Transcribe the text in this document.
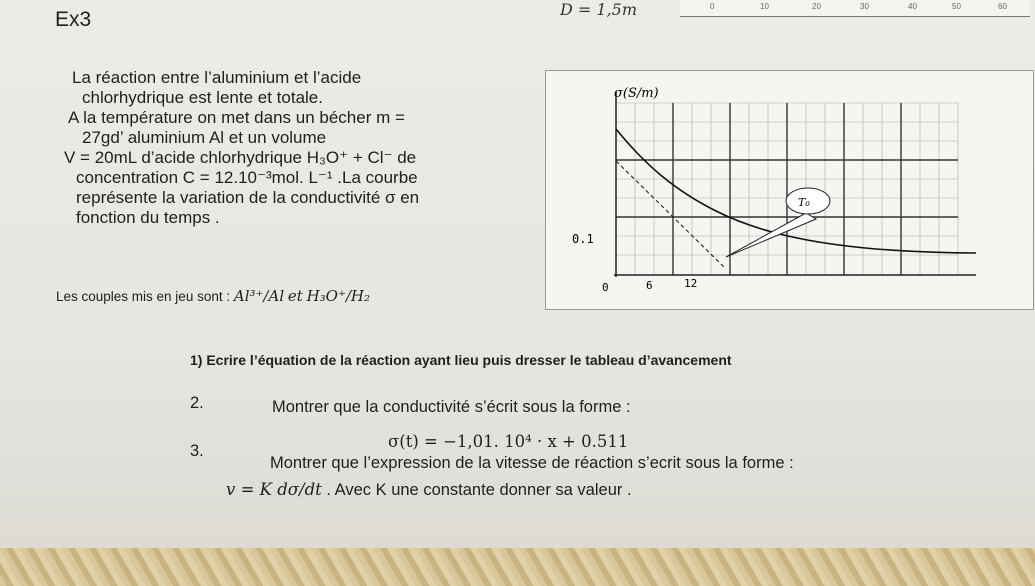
D = 1,5m	0	10	20	30	40	50	60
Ex3
La réaction entre l’aluminium et l’acide
chlorhydrique est lente et totale.
A la température on met dans un bécher m =
27gd’ aluminium Al et un volume
V = 20mL d’acide chlorhydrique H₃O⁺ + Cl⁻ de
concentration C = 12.10⁻³mol. L⁻¹ .La courbe
représente la variation de la conductivité σ en
fonction du temps .
Les couples mis en jeu sont : Al³⁺/Al et H₃O⁺/H₂
T₀
σ(S/m)
0.1
0	6	12
1) Ecrire l’équation de la réaction ayant lieu puis dresser le tableau d’avancement
2.	Montrer que la conductivité s’écrit sous la forme :
σ(t) = −1,01. 10⁴ · x + 0.511
3.
Montrer que l’expression de la vitesse de réaction s’ecrit sous la forme :
v = K dσ/dt . Avec K une constante donner sa valeur .
